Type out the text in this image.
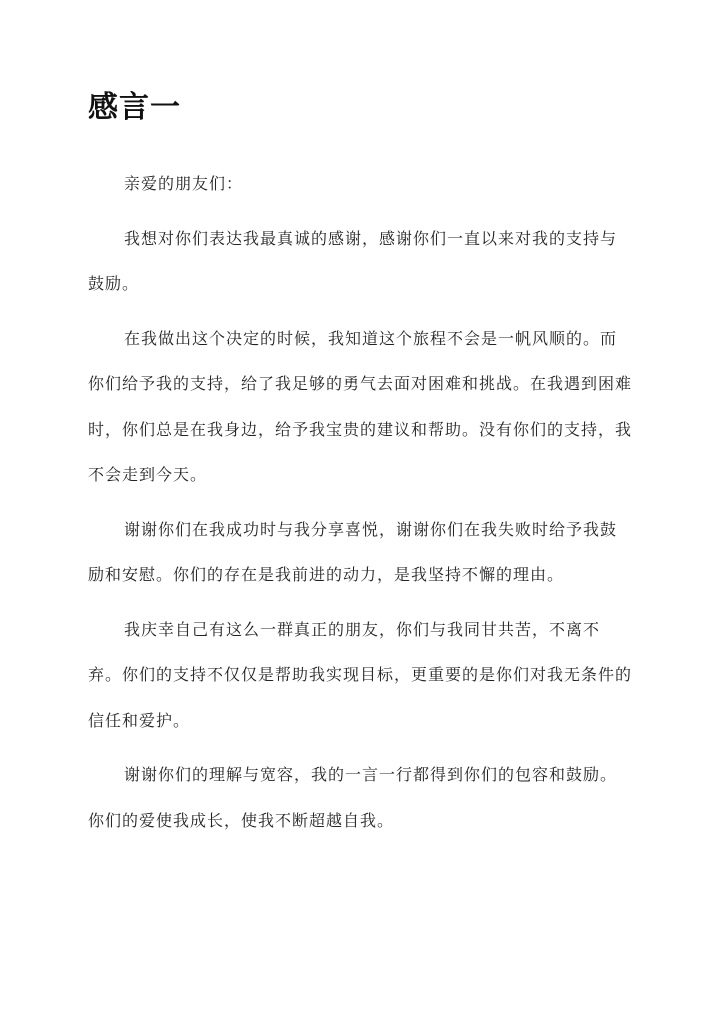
感言一

亲爱的朋友们：

我想对你们表达我最真诚的感谢，感谢你们一直以来对我的支持与鼓励。

在我做出这个决定的时候，我知道这个旅程不会是一帆风顺的。而你们给予我的支持，给了我足够的勇气去面对困难和挑战。在我遇到困难时，你们总是在我身边，给予我宝贵的建议和帮助。没有你们的支持，我不会走到今天。

谢谢你们在我成功时与我分享喜悦，谢谢你们在我失败时给予我鼓励和安慰。你们的存在是我前进的动力，是我坚持不懈的理由。

我庆幸自己有这么一群真正的朋友，你们与我同甘共苦，不离不弃。你们的支持不仅仅是帮助我实现目标，更重要的是你们对我无条件的信任和爱护。

谢谢你们的理解与宽容，我的一言一行都得到你们的包容和鼓励。你们的爱使我成长，使我不断超越自我。
